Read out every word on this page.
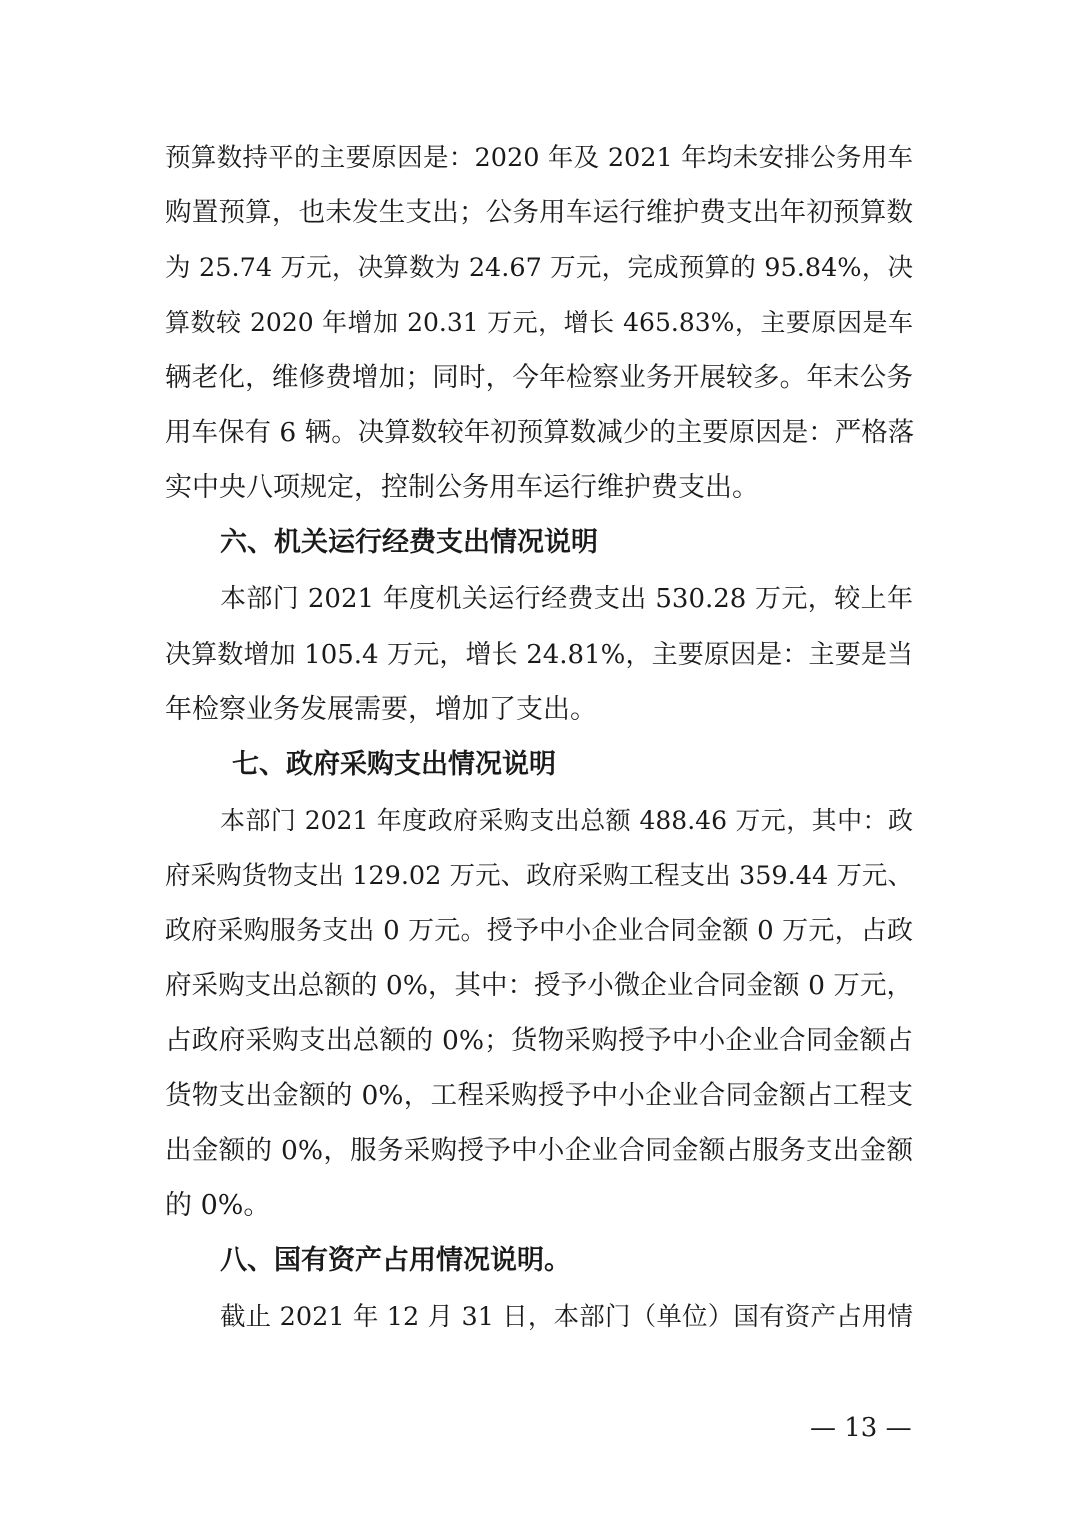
预算数持平的主要原因是：2020 年及 2021 年均未安排公务用车
购置预算，也未发生支出；公务用车运行维护费支出年初预算数
为 25.74 万元，决算数为 24.67 万元，完成预算的 95.84%，决
算数较 2020 年增加 20.31 万元，增长 465.83%，主要原因是车
辆老化，维修费增加；同时，今年检察业务开展较多。年末公务
用车保有 6 辆。决算数较年初预算数减少的主要原因是：严格落
实中央八项规定，控制公务用车运行维护费支出。
六、机关运行经费支出情况说明
本部门 2021 年度机关运行经费支出 530.28 万元，较上年
决算数增加 105.4 万元，增长 24.81%，主要原因是：主要是当
年检察业务发展需要，增加了支出。
七、政府采购支出情况说明
本部门 2021 年度政府采购支出总额 488.46 万元，其中：政
府采购货物支出 129.02 万元、政府采购工程支出 359.44 万元、
政府采购服务支出 0 万元。授予中小企业合同金额 0 万元，占政
府采购支出总额的 0%，其中：授予小微企业合同金额 0 万元，
占政府采购支出总额的 0%；货物采购授予中小企业合同金额占
货物支出金额的 0%，工程采购授予中小企业合同金额占工程支
出金额的 0%，服务采购授予中小企业合同金额占服务支出金额
的 0%。
八、国有资产占用情况说明。
截止 2021 年 12 月 31 日，本部门（单位）国有资产占用情
— 13 —
